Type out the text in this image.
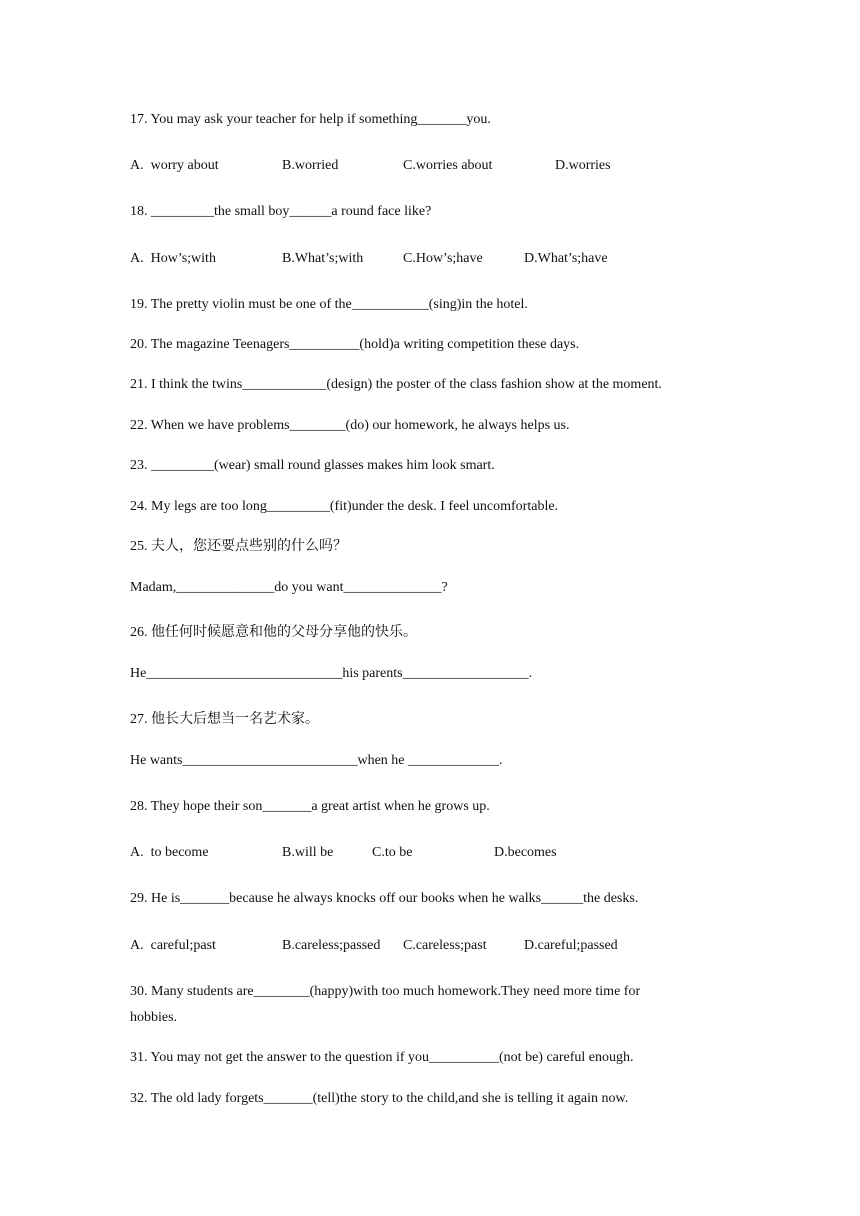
17. You may ask your teacher for help if something_______you.
A.  worry about	B.worried	C.worries about	D.worries
18. _________the small boy______a round face like?
A.  How’s;with	B.What’s;with	C.How’s;have	D.What’s;have
19. The pretty violin must be one of the___________(sing)in the hotel.
20. The magazine Teenagers__________(hold)a writing competition these days.
21. I think the twins____________(design) the poster of the class fashion show at the moment.
22. When we have problems________(do) our homework, he always helps us.
23. _________(wear) small round glasses makes him look smart.
24. My legs are too long_________(fit)under the desk. I feel uncomfortable.
25. 夫人，您还要点些别的什么吗？
Madam,______________do you want______________?
26. 他任何时候愿意和他的父母分享他的快乐。
He____________________________his parents__________________.
27. 他长大后想当一名艺术家。
He wants_________________________when he _____________.
28. They hope their son_______a great artist when he grows up.
A.  to become	B.will be	C.to be	D.becomes
29. He is_______because he always knocks off our books when he walks______the desks.
A.  careful;past	B.careless;passed C.careless;past	D.careful;passed
30. Many students are________(happy)with too much homework.They need more time for
hobbies.
31. You may not get the answer to the question if you__________(not be) careful enough.
32. The old lady forgets_______(tell)the story to the child,and she is telling it again now.
